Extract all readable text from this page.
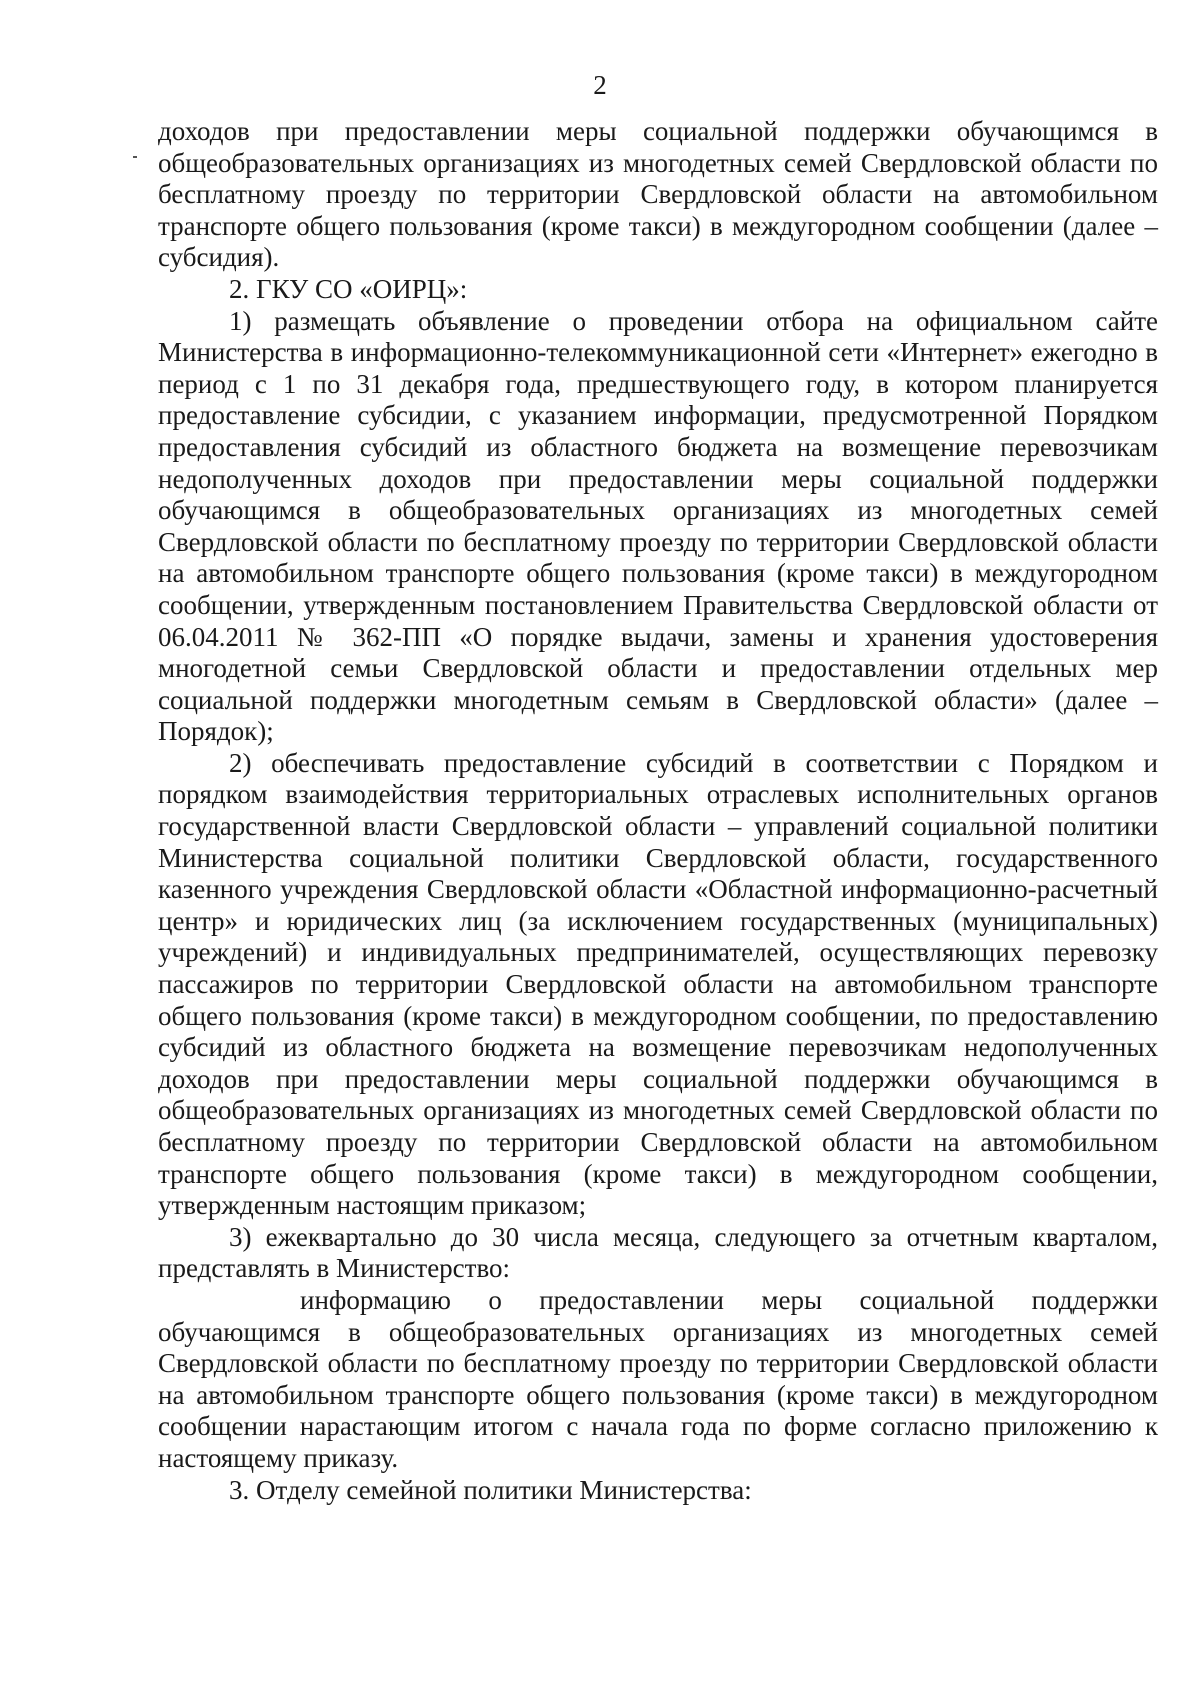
2

доходов при предоставлении меры социальной поддержки обучающимся в общеобразовательных организациях из многодетных семей Свердловской области по бесплатному проезду по территории Свердловской области на автомобильном транспорте общего пользования (кроме такси) в междугородном сообщении (далее – субсидия).

2. ГКУ СО «ОИРЦ»:

1) размещать объявление о проведении отбора на официальном сайте Министерства в информационно-телекоммуникационной сети «Интернет» ежегодно в период с 1 по 31 декабря года, предшествующего году, в котором планируется предоставление субсидии, с указанием информации, предусмотренной Порядком предоставления субсидий из областного бюджета на возмещение перевозчикам недополученных доходов при предоставлении меры социальной поддержки обучающимся в общеобразовательных организациях из многодетных семей Свердловской области по бесплатному проезду по территории Свердловской области на автомобильном транспорте общего пользования (кроме такси) в междугородном сообщении, утвержденным постановлением Правительства Свердловской области от 06.04.2011 № 362-ПП «О порядке выдачи, замены и хранения удостоверения многодетной семьи Свердловской области и предоставлении отдельных мер социальной поддержки многодетным семьям в Свердловской области» (далее – Порядок);

2) обеспечивать предоставление субсидий в соответствии с Порядком и порядком взаимодействия территориальных отраслевых исполнительных органов государственной власти Свердловской области – управлений социальной политики Министерства социальной политики Свердловской области, государственного казенного учреждения Свердловской области «Областной информационно-расчетный центр» и юридических лиц (за исключением государственных (муниципальных) учреждений) и индивидуальных предпринимателей, осуществляющих перевозку пассажиров по территории Свердловской области на автомобильном транспорте общего пользования (кроме такси) в междугородном сообщении, по предоставлению субсидий из областного бюджета на возмещение перевозчикам недополученных доходов при предоставлении меры социальной поддержки обучающимся в общеобразовательных организациях из многодетных семей Свердловской области по бесплатному проезду по территории Свердловской области на автомобильном транспорте общего пользования (кроме такси) в междугородном сообщении, утвержденным настоящим приказом;

3) ежеквартально до 30 числа месяца, следующего за отчетным кварталом, представлять в Министерство:

информацию о предоставлении меры социальной поддержки обучающимся в общеобразовательных организациях из многодетных семей Свердловской области по бесплатному проезду по территории Свердловской области на автомобильном транспорте общего пользования (кроме такси) в междугородном сообщении нарастающим итогом с начала года по форме согласно приложению к настоящему приказу.

3. Отделу семейной политики Министерства:
